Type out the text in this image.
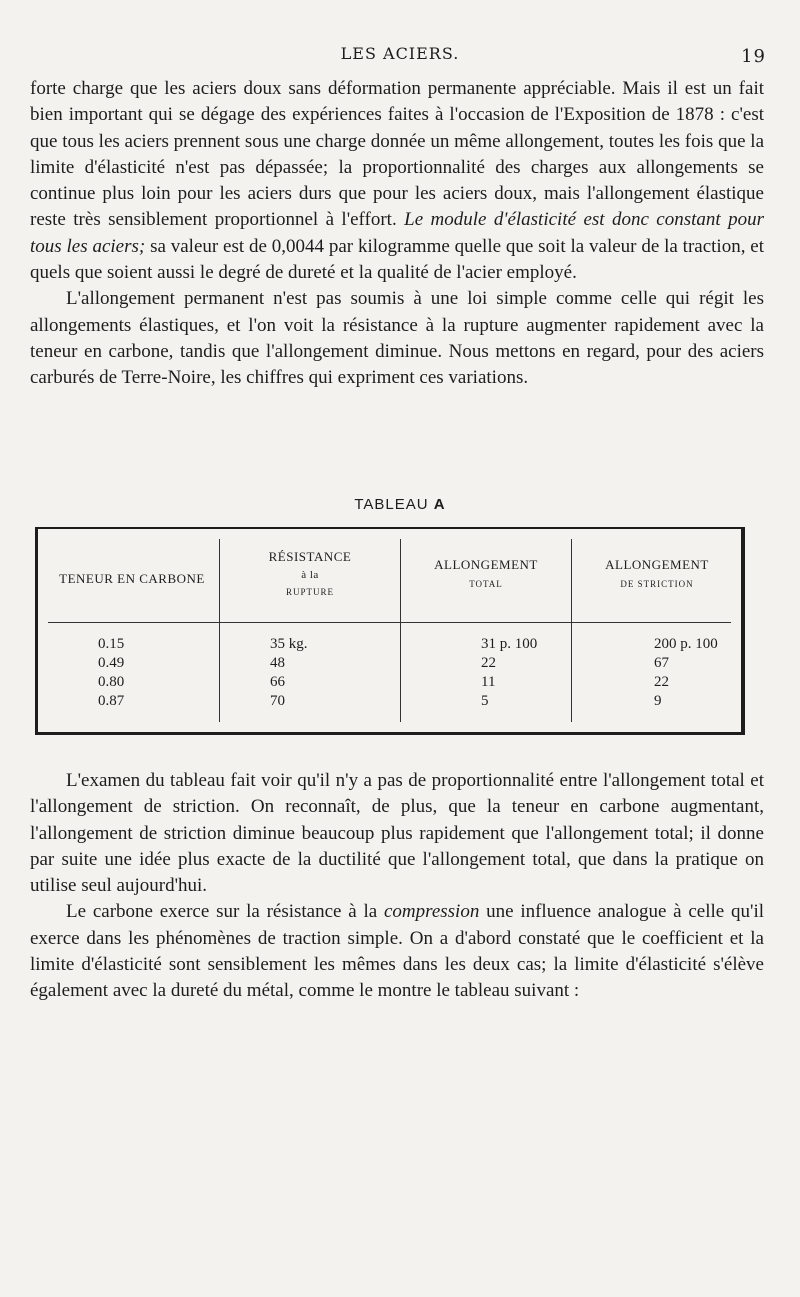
LES ACIERS.	19

forte charge que les aciers doux sans déformation permanente appréciable. Mais il est un fait bien important qui se dégage des expériences faites à l'occasion de l'Exposition de 1878 : c'est que tous les aciers prennent sous une charge donnée un même allongement, toutes les fois que la limite d'élasticité n'est pas dépassée; la proportionnalité des charges aux allongements se continue plus loin pour les aciers durs que pour les aciers doux, mais l'allongement élastique reste très sensiblement proportionnel à l'effort. Le module d'élasticité est donc constant pour tous les aciers; sa valeur est de 0,0044 par kilogramme quelle que soit la valeur de la traction, et quels que soient aussi le degré de dureté et la qualité de l'acier employé.

L'allongement permanent n'est pas soumis à une loi simple comme celle qui régit les allongements élastiques, et l'on voit la résistance à la rupture augmenter rapidement avec la teneur en carbone, tandis que l'allongement diminue. Nous mettons en regard, pour des aciers carburés de Terre-Noire, les chiffres qui expriment ces variations.

TABLEAU A
TENEUR EN CARBONE
RÉSISTANCE
à la
RUPTURE
ALLONGEMENT
TOTAL
ALLONGEMENT
DE STRICTION
0.15
0.49
0.80
0.87
35 kg.
48
66
70
31 p. 100
22
11
5
200 p. 100
67
22
9

L'examen du tableau fait voir qu'il n'y a pas de proportionnalité entre l'allongement total et l'allongement de striction. On reconnaît, de plus, que la teneur en carbone augmentant, l'allongement de striction diminue beaucoup plus rapidement que l'allongement total; il donne par suite une idée plus exacte de la ductilité que l'allongement total, que dans la pratique on utilise seul aujourd'hui.

Le carbone exerce sur la résistance à la compression une influence analogue à celle qu'il exerce dans les phénomènes de traction simple. On a d'abord constaté que le coefficient et la limite d'élasticité sont sensiblement les mêmes dans les deux cas; la limite d'élasticité s'élève également avec la dureté du métal, comme le montre le tableau suivant :
